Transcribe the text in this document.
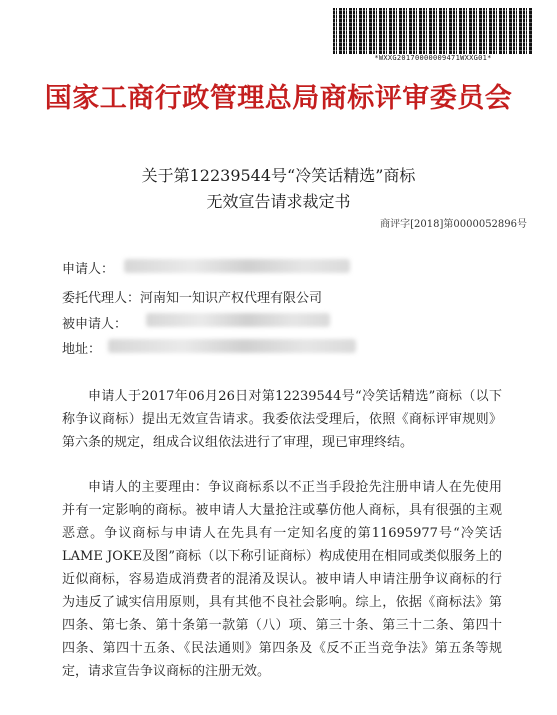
*WXXG20170000009471WXXG01*
国家工商行政管理总局商标评审委员会
关于第12239544号“冷笑话精选”商标
无效宣告请求裁定书
商评字[2018]第0000052896号
申请人：
委托代理人：河南知一知识产权代理有限公司
被申请人：
地址：
申请人于2017年06月26日对第12239544号“冷笑话精选”商标（以下称争议商标）提出无效宣告请求。我委依法受理后，依照《商标评审规则》第六条的规定，组成合议组依法进行了审理，现已审理终结。
申请人的主要理由：争议商标系以不正当手段抢先注册申请人在先使用并有一定影响的商标。被申请人大量抢注或摹仿他人商标，具有很强的主观恶意。争议商标与申请人在先具有一定知名度的第11695977号“冷笑话LAME JOKE及图”商标（以下称引证商标）构成使用在相同或类似服务上的近似商标，容易造成消费者的混淆及误认。被申请人申请注册争议商标的行为违反了诚实信用原则，具有其他不良社会影响。综上，依据《商标法》第四条、第七条、第十条第一款第（八）项、第三十条、第三十二条、第四十四条、第四十五条、《民法通则》第四条及《反不正当竞争法》第五条等规定，请求宣告争议商标的注册无效。
